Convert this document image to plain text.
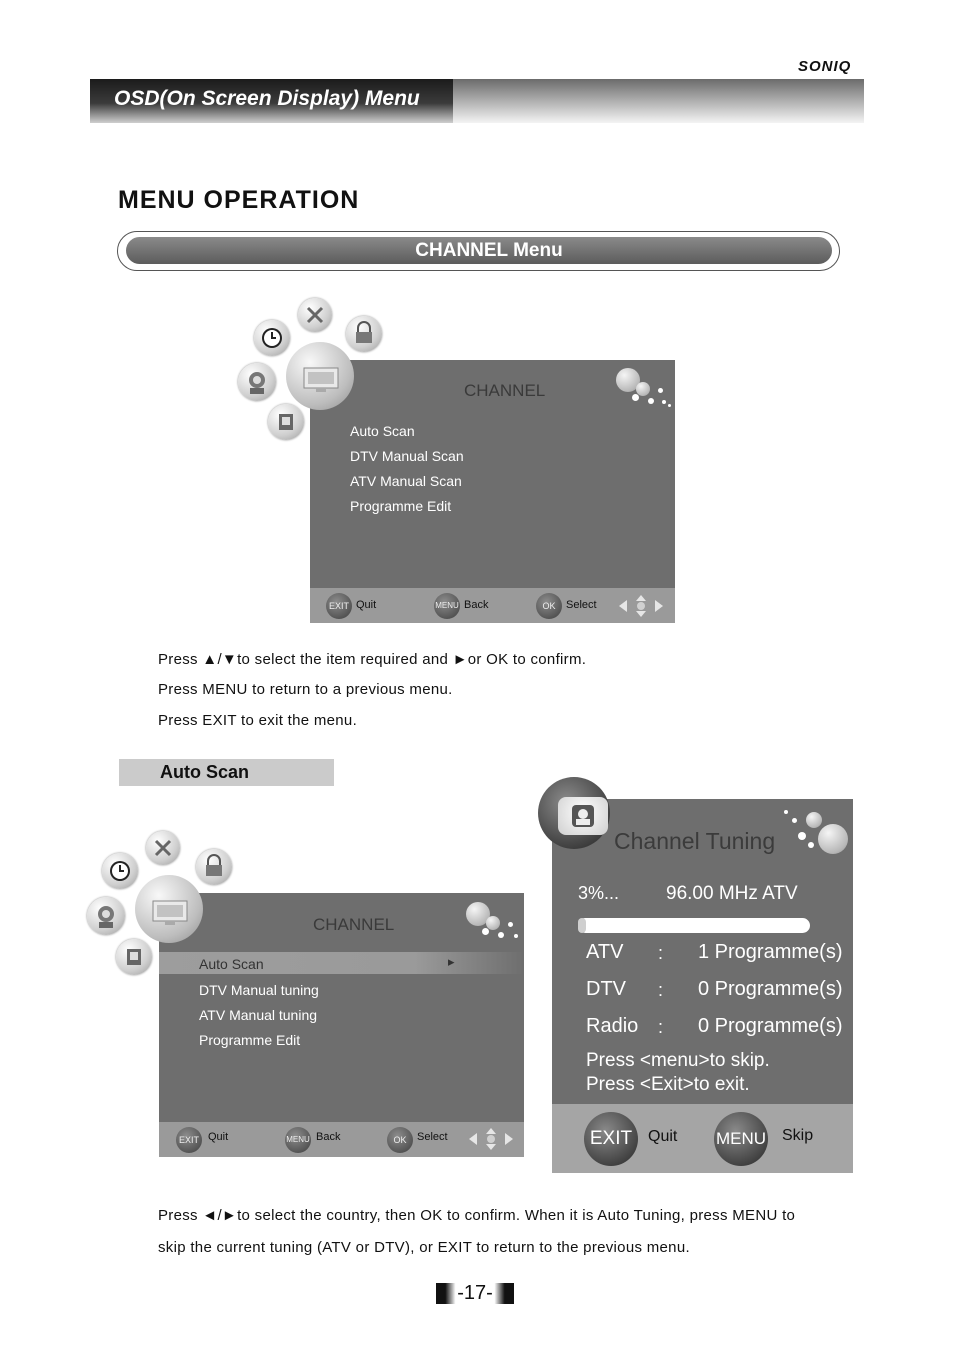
SONIQ
OSD(On Screen Display) Menu
MENU OPERATION
CHANNEL Menu
CHANNEL
Auto Scan
DTV Manual Scan
ATV Manual Scan
Programme Edit
EXIT Quit	MENU Back	OK Select
Press ▲/▼to select the item required and ►or OK to confirm.
Press MENU to return to a previous menu.
Press EXIT to exit the menu.
Auto Scan
CHANNEL
Auto Scan	▸
DTV Manual tuning
ATV Manual tuning
Programme Edit
EXIT Quit	MENU Back	OK Select
Channel Tuning
3%... 96.00 MHz ATV
ATV : 1 Programme(s)
DTV : 0 Programme(s)
Radio : 0 Programme(s)
Press <menu>to skip.
Press <Exit>to exit.
EXIT Quit MENU Skip
Press ◄/►to select the country, then OK to confirm. When it is Auto Tuning, press MENU to
skip the current tuning (ATV or DTV), or EXIT to return to the previous menu.
-17-
